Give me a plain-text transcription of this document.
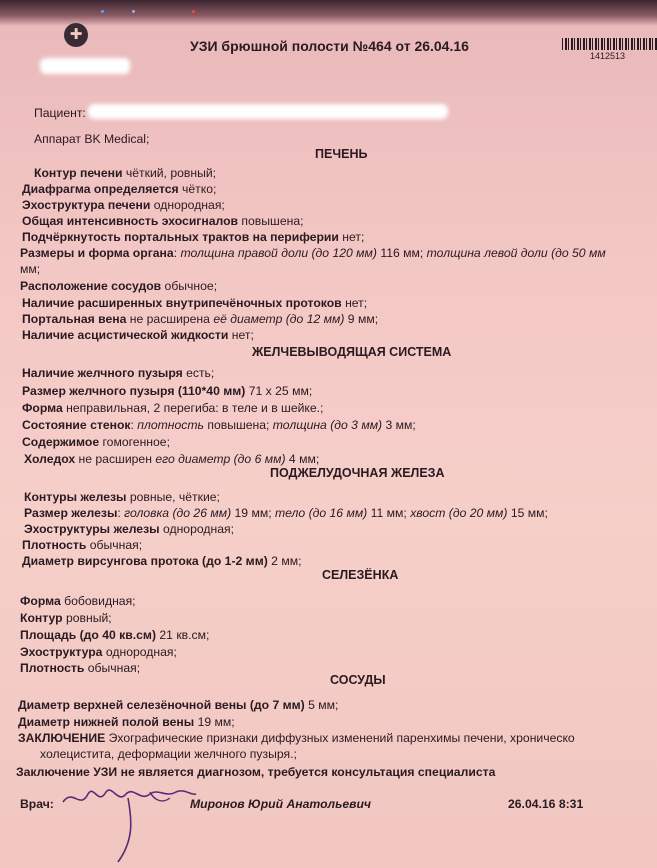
✚
УЗИ брюшной полости №464 от 26.04.16
1412513
Пациент:
Аппарат BK Medical;
ПЕЧЕНЬ
Контур печени чёткий, ровный;
Диафрагма определяется чётко;
Эхоструктура печени однородная;
Общая интенсивность эхосигналов повышена;
Подчёркнутость портальных трактов на периферии нет;
Размеры и форма органа: толщина правой доли (до 120 мм) 116 мм; толщина левой доли (до 50 мм
мм;
Расположение сосудов обычное;
Наличие расширенных внутрипечёночных протоков нет;
Портальная вена не расширена её диаметр (до 12 мм) 9 мм;
Наличие асцистической жидкости нет;
ЖЕЛЧЕВЫВОДЯЩАЯ СИСТЕМА
Наличие желчного пузыря есть;
Размер желчного пузыря (110*40 мм) 71 х 25 мм;
Форма неправильная, 2 перегиба: в теле и в шейке.;
Состояние стенок: плотность повышена; толщина (до 3 мм) 3 мм;
Содержимое гомогенное;
Холедох не расширен его диаметр (до 6 мм) 4 мм;
ПОДЖЕЛУДОЧНАЯ ЖЕЛЕЗА
Контуры железы ровные, чёткие;
Размер железы: головка (до 26 мм) 19 мм; тело (до 16 мм) 11 мм; хвост (до 20 мм) 15 мм;
Эхоструктуры железы однородная;
Плотность обычная;
Диаметр вирсунгова протока (до 1-2 мм) 2 мм;
СЕЛЕЗЁНКА
Форма бобовидная;
Контур ровный;
Площадь (до 40 кв.см) 21 кв.см;
Эхоструктура однородная;
Плотность обычная;
СОСУДЫ
Диаметр верхней селезёночной вены (до 7 мм) 5 мм;
Диаметр нижней полой вены 19 мм;
ЗАКЛЮЧЕНИЕ Эхографические признаки диффузных изменений паренхимы печени, хроническо
холецистита, деформации желчного пузыря.;
Заключение УЗИ не является диагнозом, требуется консультация специалиста
Врач:	Миронов Юрий Анатольевич	26.04.16 8:31
